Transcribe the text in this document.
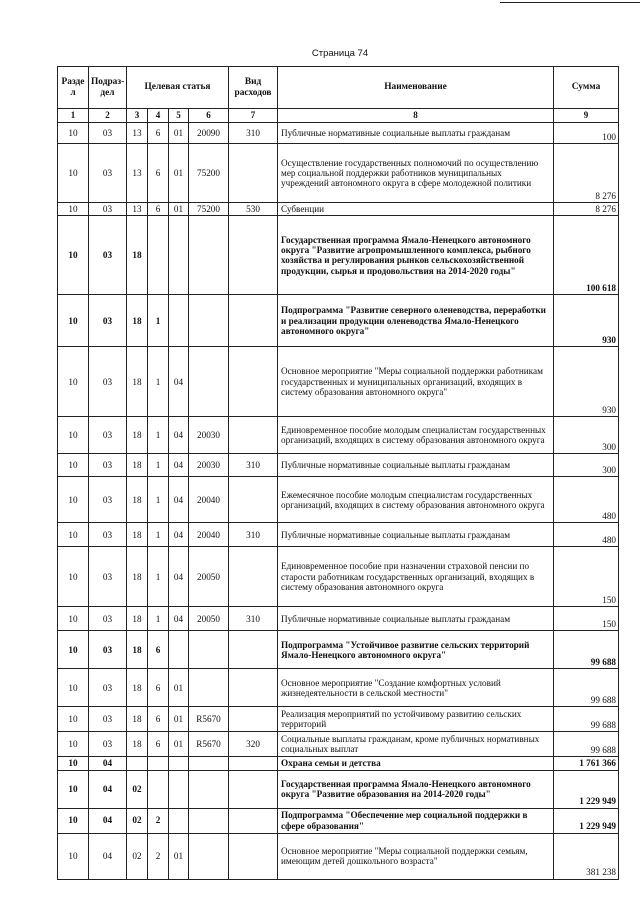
Страница 74
Разде л	Подраз- дел	Целевая статья				Вид расходов	Наименование	Сумма
1	2	3	4	5	6	7	8	9
10	03	13	6	01	20090	310	Публичные нормативные социальные выплаты гражданам	100
10	03	13	6	01	75200		Осуществление государственных полномочий по осуществлению мер социальной поддержки работников муниципальных учреждений автономного округа в сфере молодежной политики	8 276
10	03	13	6	01	75200	530	Субвенции	8 276
10	03	18					Государственная программа Ямало-Ненецкого автономного округа "Развитие агропромышленного комплекса, рыбного хозяйства и регулирования рынков сельскохозяйственной продукции, сырья и продовольствия на 2014-2020 годы"	100 618
10	03	18	1				Подпрограмма "Развитие северного оленеводства, переработки и реализации продукции оленеводства Ямало-Ненецкого автономного округа"	930
10	03	18	1	04			Основное мероприятие "Меры социальной поддержки работникам государственных и муниципальных организаций, входящих в систему образования автономного округа"	930
10	03	18	1	04	20030		Единовременное пособие молодым специалистам государственных организаций, входящих в систему образования автономного округа	300
10	03	18	1	04	20030	310	Публичные нормативные социальные выплаты гражданам	300
10	03	18	1	04	20040		Ежемесячное пособие молодым специалистам государственных организаций, входящих в систему образования автономного округа	480
10	03	18	1	04	20040	310	Публичные нормативные социальные выплаты гражданам	480
10	03	18	1	04	20050		Единовременное пособие при назначении страховой пенсии по старости работникам государственных организаций, входящих в систему образования автономного округа	150
10	03	18	1	04	20050	310	Публичные нормативные социальные выплаты гражданам	150
10	03	18	6				Подпрограмма "Устойчивое развитие сельских территорий Ямало-Ненецкого автономного округа"	99 688
10	03	18	6	01			Основное мероприятие "Создание комфортных условий жизнедеятельности в сельской местности"	99 688
10	03	18	6	01	R5670		Реализация мероприятий по устойчивому развитию сельских территорий	99 688
10	03	18	6	01	R5670	320	Социальные выплаты гражданам, кроме публичных нормативных социальных выплат	99 688
10	04						Охрана семьи и детства	1 761 366
10	04	02					Государственная программа Ямало-Ненецкого автономного округа "Развитие образования на 2014-2020 годы"	1 229 949
10	04	02	2				Подпрограмма "Обеспечение мер социальной поддержки в сфере образования"	1 229 949
10	04	02	2	01			Основное мероприятие "Меры социальной поддержки семьям, имеющим детей дошкольного возраста"	381 238
